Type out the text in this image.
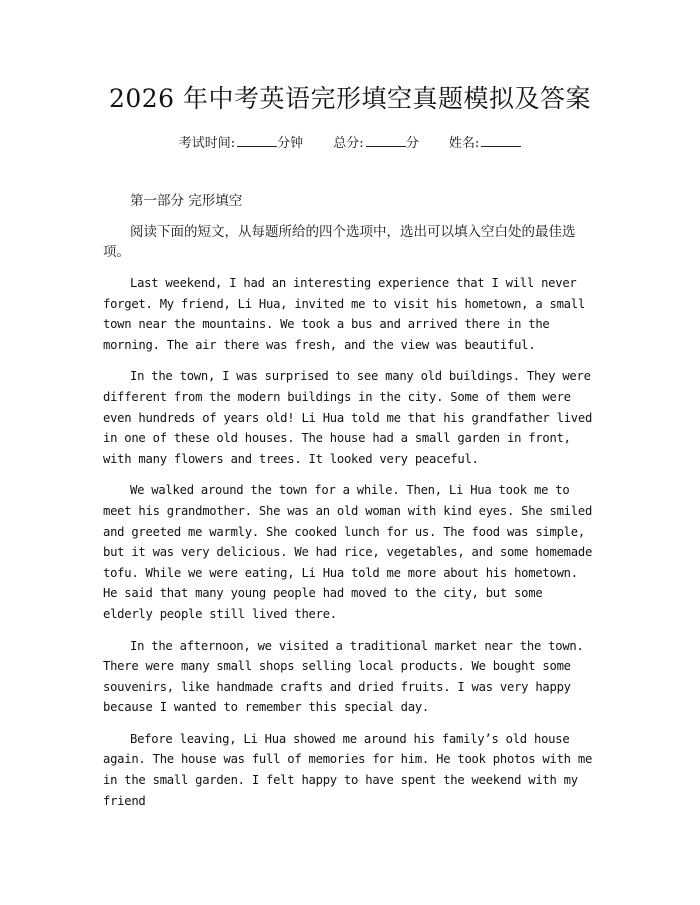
2026 年中考英语完形填空真题模拟及答案
考试时间:	分钟 总分:	分 姓名:
第一部分 完形填空

阅读下面的短文，从每题所给的四个选项中，选出可以填入空白处的最佳选项。

Last weekend, I had an interesting experience that I will never forget. My friend, Li Hua, invited me to visit his hometown, a small town near the mountains. We took a bus and arrived there in the morning. The air there was fresh, and the view was beautiful.

In the town, I was surprised to see many old buildings. They were different from the modern buildings in the city. Some of them were even hundreds of years old! Li Hua told me that his grandfather lived in one of these old houses. The house had a small garden in front, with many flowers and trees. It looked very peaceful.

We walked around the town for a while. Then, Li Hua took me to meet his grandmother. She was an old woman with kind eyes. She smiled and greeted me warmly. She cooked lunch for us. The food was simple, but it was very delicious. We had rice, vegetables, and some homemade tofu. While we were eating, Li Hua told me more about his hometown. He said that many young people had moved to the city, but some elderly people still lived there.

In the afternoon, we visited a traditional market near the town. There were many small shops selling local products. We bought some souvenirs, like handmade crafts and dried fruits. I was very happy because I wanted to remember this special day.

Before leaving, Li Hua showed me around his family’s old house again. The house was full of memories for him. He took photos with me in the small garden. I felt happy to have spent the weekend with my friend
